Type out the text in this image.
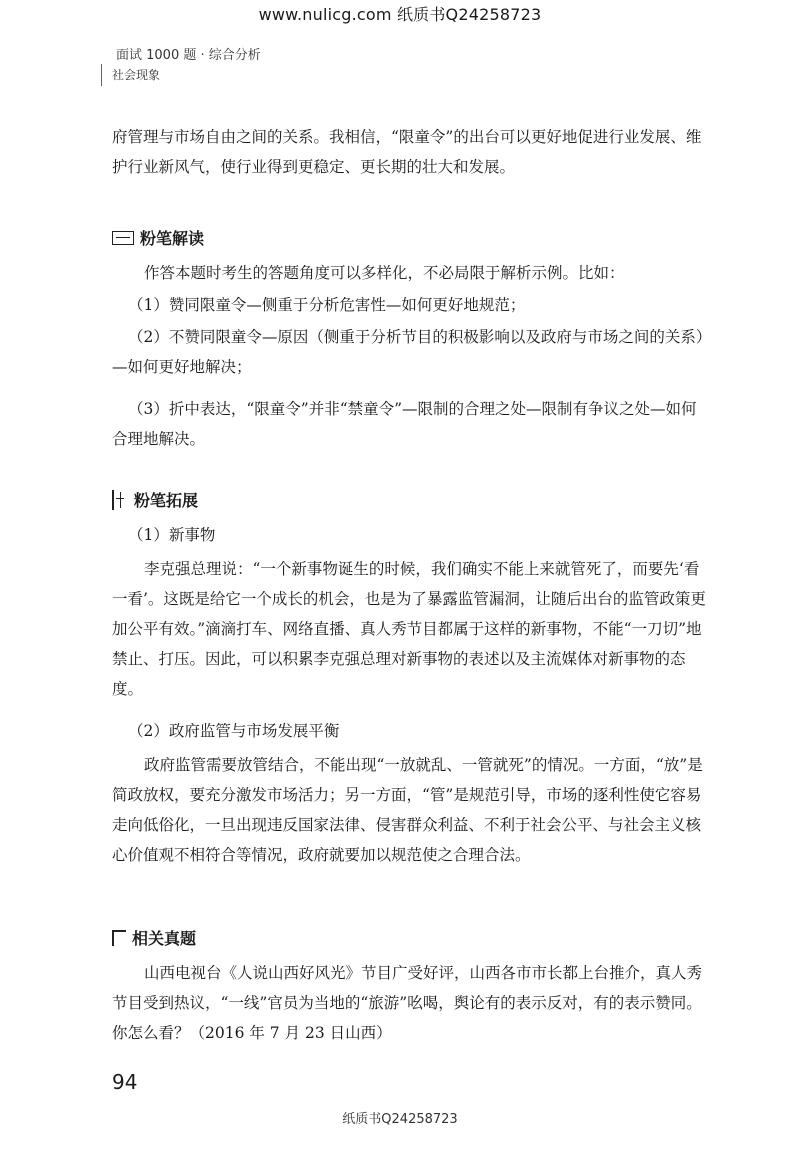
www.nulicg.com 纸质书Q24258723
面试 1000 题 · 综合分析
社会现象

府管理与市场自由之间的关系。我相信，“限童令”的出台可以更好地促进行业发展、维护行业新风气，使行业得到更稳定、更长期的壮大和发展。

粉笔解读

作答本题时考生的答题角度可以多样化，不必局限于解析示例。比如：

（1）赞同限童令—侧重于分析危害性—如何更好地规范；

（2）不赞同限童令—原因（侧重于分析节目的积极影响以及政府与市场之间的关系）—如何更好地解决；

（3）折中表达，“限童令”并非“禁童令”—限制的合理之处—限制有争议之处—如何合理地解决。

粉笔拓展

（1）新事物

李克强总理说：“一个新事物诞生的时候，我们确实不能上来就管死了，而要先‘看一看’。这既是给它一个成长的机会，也是为了暴露监管漏洞，让随后出台的监管政策更加公平有效。”滴滴打车、网络直播、真人秀节目都属于这样的新事物，不能“一刀切”地禁止、打压。因此，可以积累李克强总理对新事物的表述以及主流媒体对新事物的态度。

（2）政府监管与市场发展平衡

政府监管需要放管结合，不能出现“一放就乱、一管就死”的情况。一方面，“放”是简政放权，要充分激发市场活力；另一方面，“管”是规范引导，市场的逐利性使它容易走向低俗化，一旦出现违反国家法律、侵害群众利益、不利于社会公平、与社会主义核心价值观不相符合等情况，政府就要加以规范使之合理合法。

相关真题

山西电视台《人说山西好风光》节目广受好评，山西各市市长都上台推介，真人秀节目受到热议，“一线”官员为当地的“旅游”吆喝，舆论有的表示反对，有的表示赞同。你怎么看？（2016 年 7 月 23 日山西）

94
纸质书Q24258723
